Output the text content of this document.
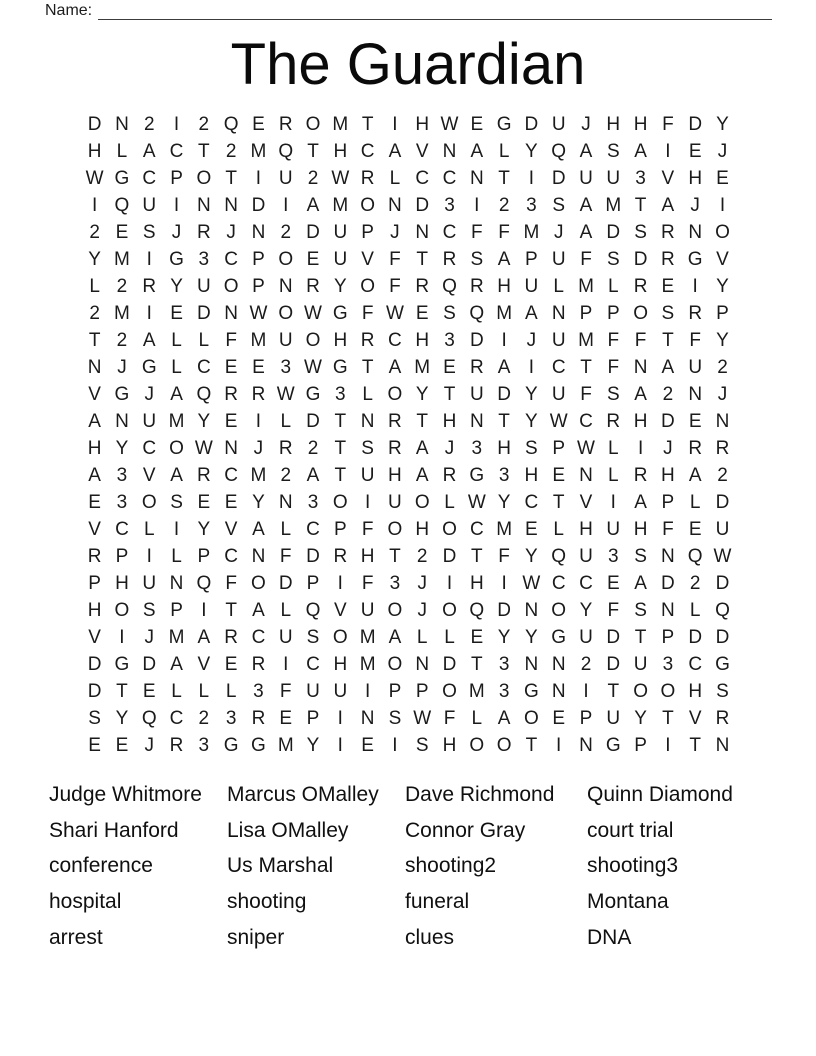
Name:
The Guardian
D N 2	I	2 Q E R O M T I H W E G D U J H H F D Y
H L A C T 2 M Q T H C A V N A L Y Q A S A I E J
W G C P O T I U 2 W R L C C N T I D U U 3 V H E
I Q U I N N D I A M O N D 3	I	2 3 S A M T A J	I
2 E S J R J N 2 D U P J N C F F M J A D S R N O
Y M I G 3 C P O E U V F T R S A P U F S D R G V
L 2 R Y U O P N R Y O F R Q R H U L M L R E I Y
2 M I E D N W O W G F W E S Q M A N P P O S R P
T 2 A L L F M U O H R C H 3 D I	J U M F F T F Y
N J G L C E E 3 W G T A M E R A I C T F N A U 2
V G J A Q R R W G 3 L O Y T U D Y U F S A 2 N J
A N U M Y E I	L D T N R T H N T Y W C R H D E N
H Y C O W N J R 2 T S R A J 3 H S P W L	I	J R R
A 3 V A R C M 2 A T U H A R G 3 H E N L R H A 2
E 3 O S E E Y N 3 O I U O L W Y C T V I A P L D
V C L	I Y V A L C P F O H O C M E L H U H F E U
R P I	L P C N F D R H T 2 D T F Y Q U 3 S N Q W
P H U N Q F O D P I F 3 J	I H I W C C E A D 2 D
H O S P I T A L Q V U O J O Q D N O Y F S N L Q
V I	J M A R C U S O M A L L E Y Y G U D T P D D
D G D A V E R I C H M O N D T 3 N N 2 D U 3 C G
D T E L L L 3 F U U I P P O M 3 G N I T O O H S
S Y Q C 2 3 R E P I N S W F L A O E P U Y T V R
E E J R 3 G G M Y I E I S H O O T I N G P I T N
Judge Whitmore	Marcus OMalley	Dave Richmond	Quinn Diamond
Shari Hanford	Lisa OMalley	Connor Gray	court trial
conference	Us Marshal	shooting2	shooting3
hospital	shooting	funeral	Montana
arrest	sniper	clues	DNA
